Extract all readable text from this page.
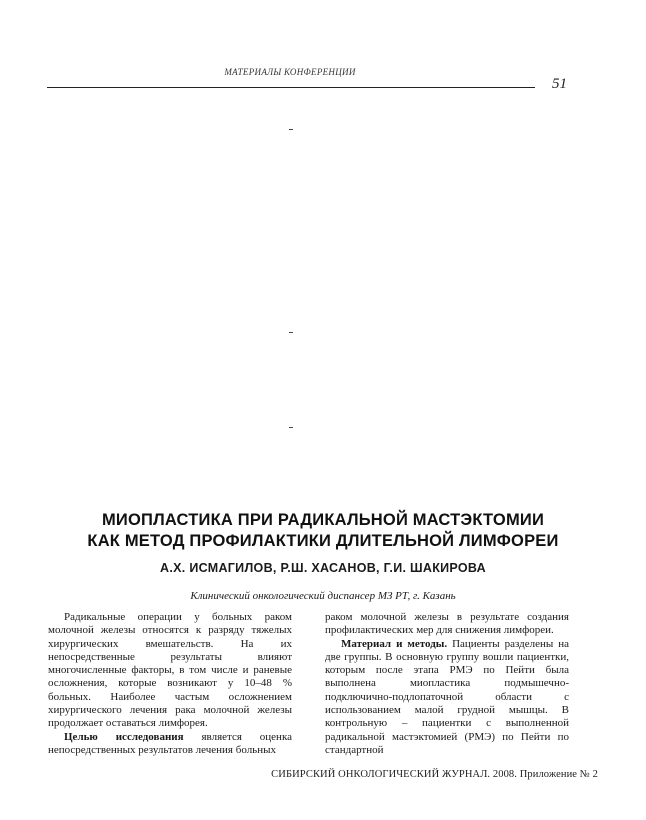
МАТЕРИАЛЫ КОНФЕРЕНЦИИ
51
МИОПЛАСТИКА ПРИ РАДИКАЛЬНОЙ МАСТЭКТОМИИ
КАК МЕТОД ПРОФИЛАКТИКИ ДЛИТЕЛЬНОЙ ЛИМФОРЕИ
А.Х. ИСМАГИЛОВ, Р.Ш. ХАСАНОВ, Г.И. ШАКИРОВА
Клинический онкологический диспансер МЗ РТ, г. Казань

Радикальные операции у больных раком молочной железы относятся к разряду тяжелых хирургических вмешательств. На их непосредственные результаты влияют многочисленные факторы, в том числе и раневые осложнения, которые возникают у 10–48 % больных. Наиболее частым осложнением хирургического лечения рака молочной железы продолжает оставаться лимфорея.

Целью исследования является оценка непосредственных результатов лечения больных

раком молочной железы в результате создания профилактических мер для снижения лимфореи.

Материал и методы. Пациенты разделены на две группы. В основную группу вошли пациентки, которым после этапа РМЭ по Пейти была выполнена миопластика подмышечно-подключично-подлопаточной области с использованием малой грудной мышцы. В контрольную – пациентки с выполненной радикальной мастэктомией (РМЭ) по Пейти по стандартной

СИБИРСКИЙ ОНКОЛОГИЧЕСКИЙ ЖУРНАЛ. 2008. Приложение № 2
